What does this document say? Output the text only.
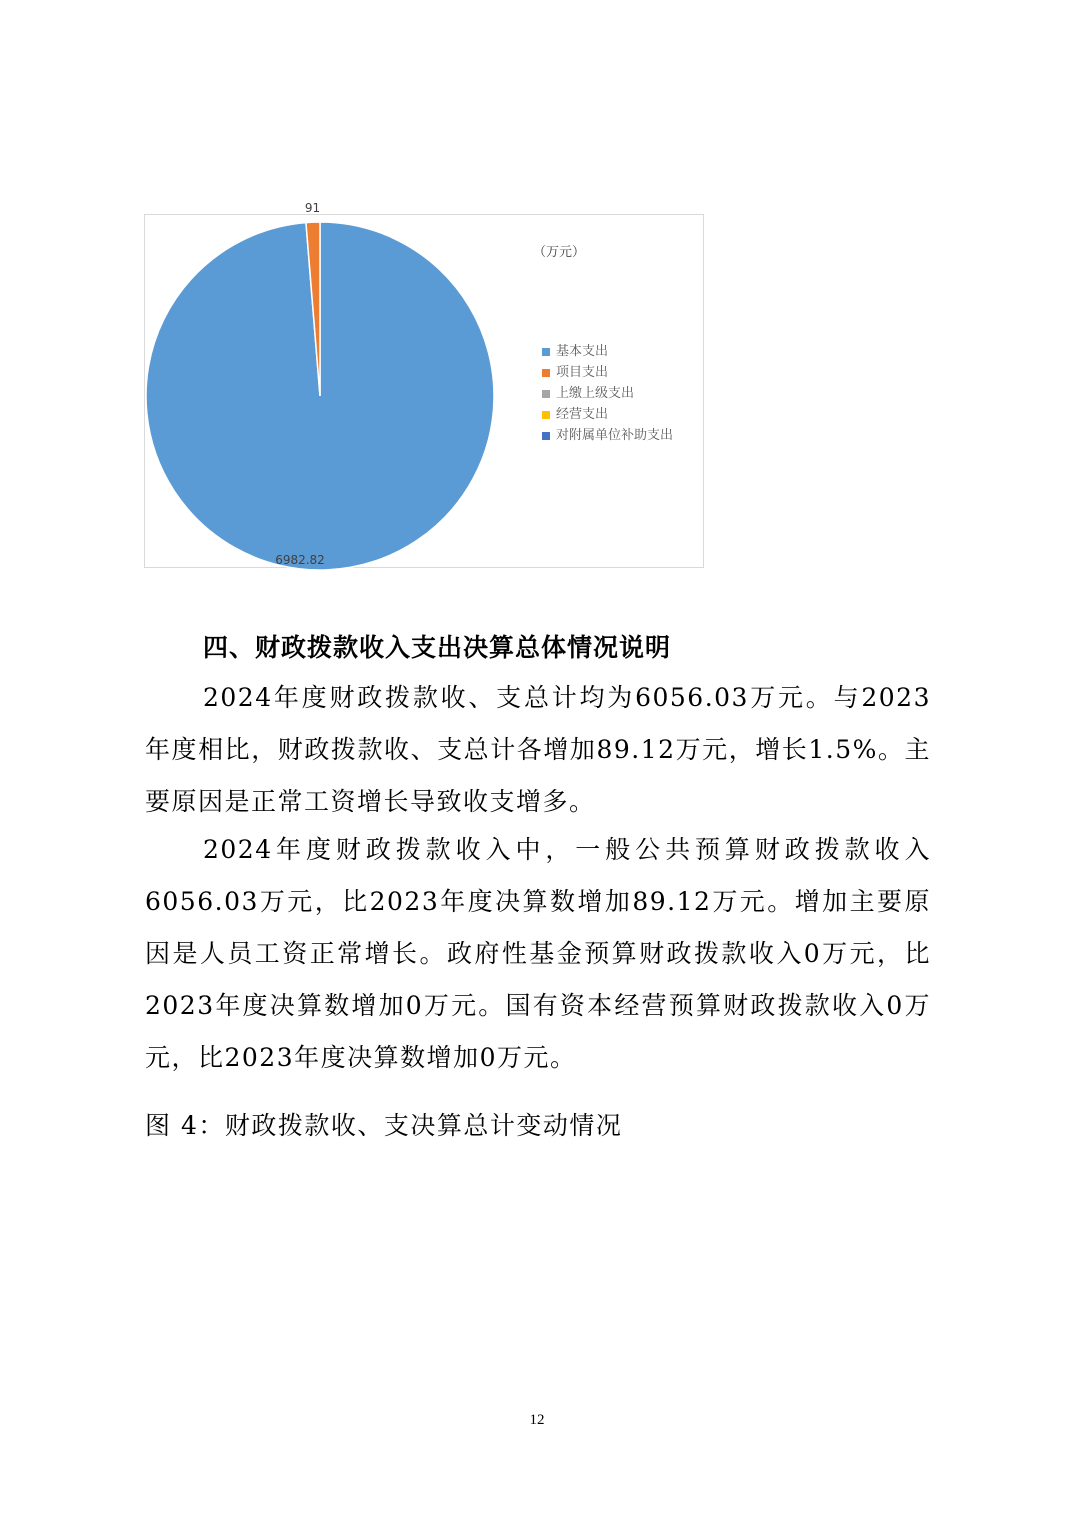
6982.82
91
（万元）
基本支出
项目支出
上缴上级支出
经营支出
对附属单位补助支出
四、财政拨款收入支出决算总体情况说明
2024年度财政拨款收、支总计均为6056.03万元。与2023年度相比，财政拨款收、支总计各增加89.12万元，增长1.5%。主要原因是正常工资增长导致收支增多。
2024年度财政拨款收入中，一般公共预算财政拨款收入6056.03万元，比2023年度决算数增加89.12万元。增加主要原因是人员工资正常增长。政府性基金预算财政拨款收入0万元，比2023年度决算数增加0万元。国有资本经营预算财政拨款收入0万元，比2023年度决算数增加0万元。
图 4：财政拨款收、支决算总计变动情况
12
